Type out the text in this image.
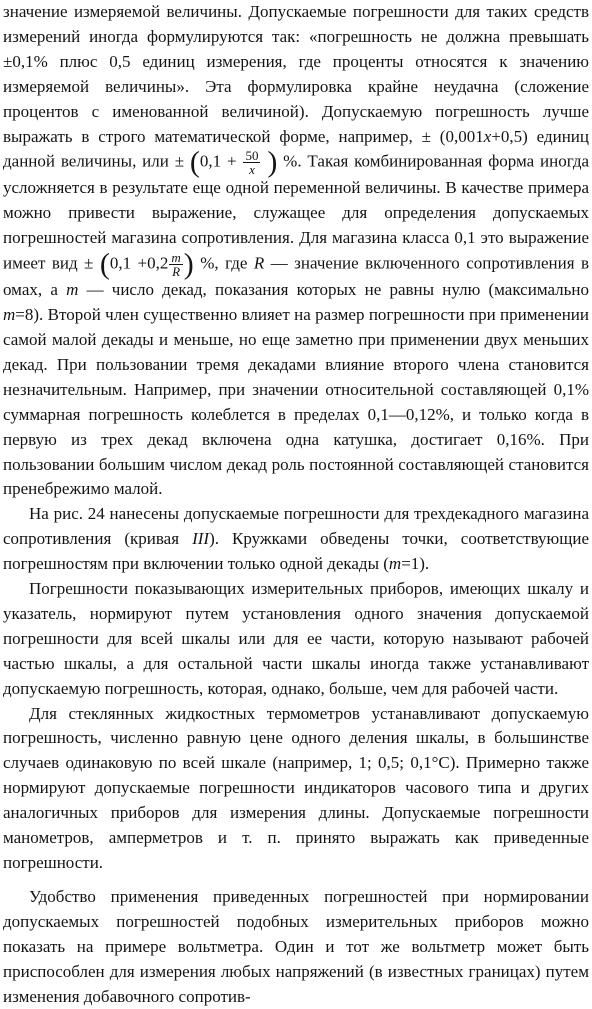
значение измеряемой величины. Допускаемые погрешности для таких средств измерений иногда формулируются так: «погрешность не должна превышать ±0,1% плюс 0,5 единиц измерения, где проценты относятся к значению измеряемой величины». Эта формулировка крайне неудачна (сложение процентов с именованной величиной). Допускаемую погрешность лучше выражать в строго математической форме, например, ± (0,001x+0,5) единиц данной величины, или ± ($0,1 + \frac{50}{x}$ ) %. Такая комбинированная форма иногда усложняется в результате еще одной переменной величины. В качестве примера можно привести выражение, служащее для определения допускаемых погрешностей магазина сопротивления. Для магазина класса 0,1 это выражение имеет вид ± ($0,1 +0,2 \frac{m}{R}$ ) %, где R — значение включенного сопротивления в омах, а m — число декад, показания которых не равны нулю (максимально m=8). Второй член существенно влияет на размер погрешности при применении самой малой декады и меньше, но еще заметно при применении двух меньших декад. При пользовании тремя декадами влияние второго члена становится незначительным. Например, при значении относительной составляющей 0,1% суммарная погрешность колеблется в пределах 0,1—0,12%, и только когда в первую из трех декад включена одна катушка, достигает 0,16%. При пользовании большим числом декад роль постоянной составляющей становится пренебрежимо малой.

На рис. 24 нанесены допускаемые погрешности для трехдекадного магазина сопротивления (кривая III). Кружками обведены точки, соответствующие погрешностям при включении только одной декады (m=1).

Погрешности показывающих измерительных приборов, имеющих шкалу и указатель, нормируют путем установления одного значения допускаемой погрешности для всей шкалы или для ее части, которую называют рабочей частью шкалы, а для остальной части шкалы иногда также устанавливают допускаемую погрешность, которая, однако, больше, чем для рабочей части.

Для стеклянных жидкостных термометров устанавливают допускаемую погрешность, численно равную цене одного деления шкалы, в большинстве случаев одинаковую по всей шкале (например, 1; 0,5; 0,1°С). Примерно также нормируют допускаемые погрешности индикаторов часового типа и других аналогичных приборов для измерения длины. Допускаемые погрешности манометров, амперметров и т. п. принято выражать как приведенные погрешности.

Удобство применения приведенных погрешностей при нормировании допускаемых погрешностей подобных измерительных приборов можно показать на примере вольтметра. Один и тот же вольтметр может быть приспособлен для измерения любых напряжений (в известных границах) путем изменения добавочного сопротив-
